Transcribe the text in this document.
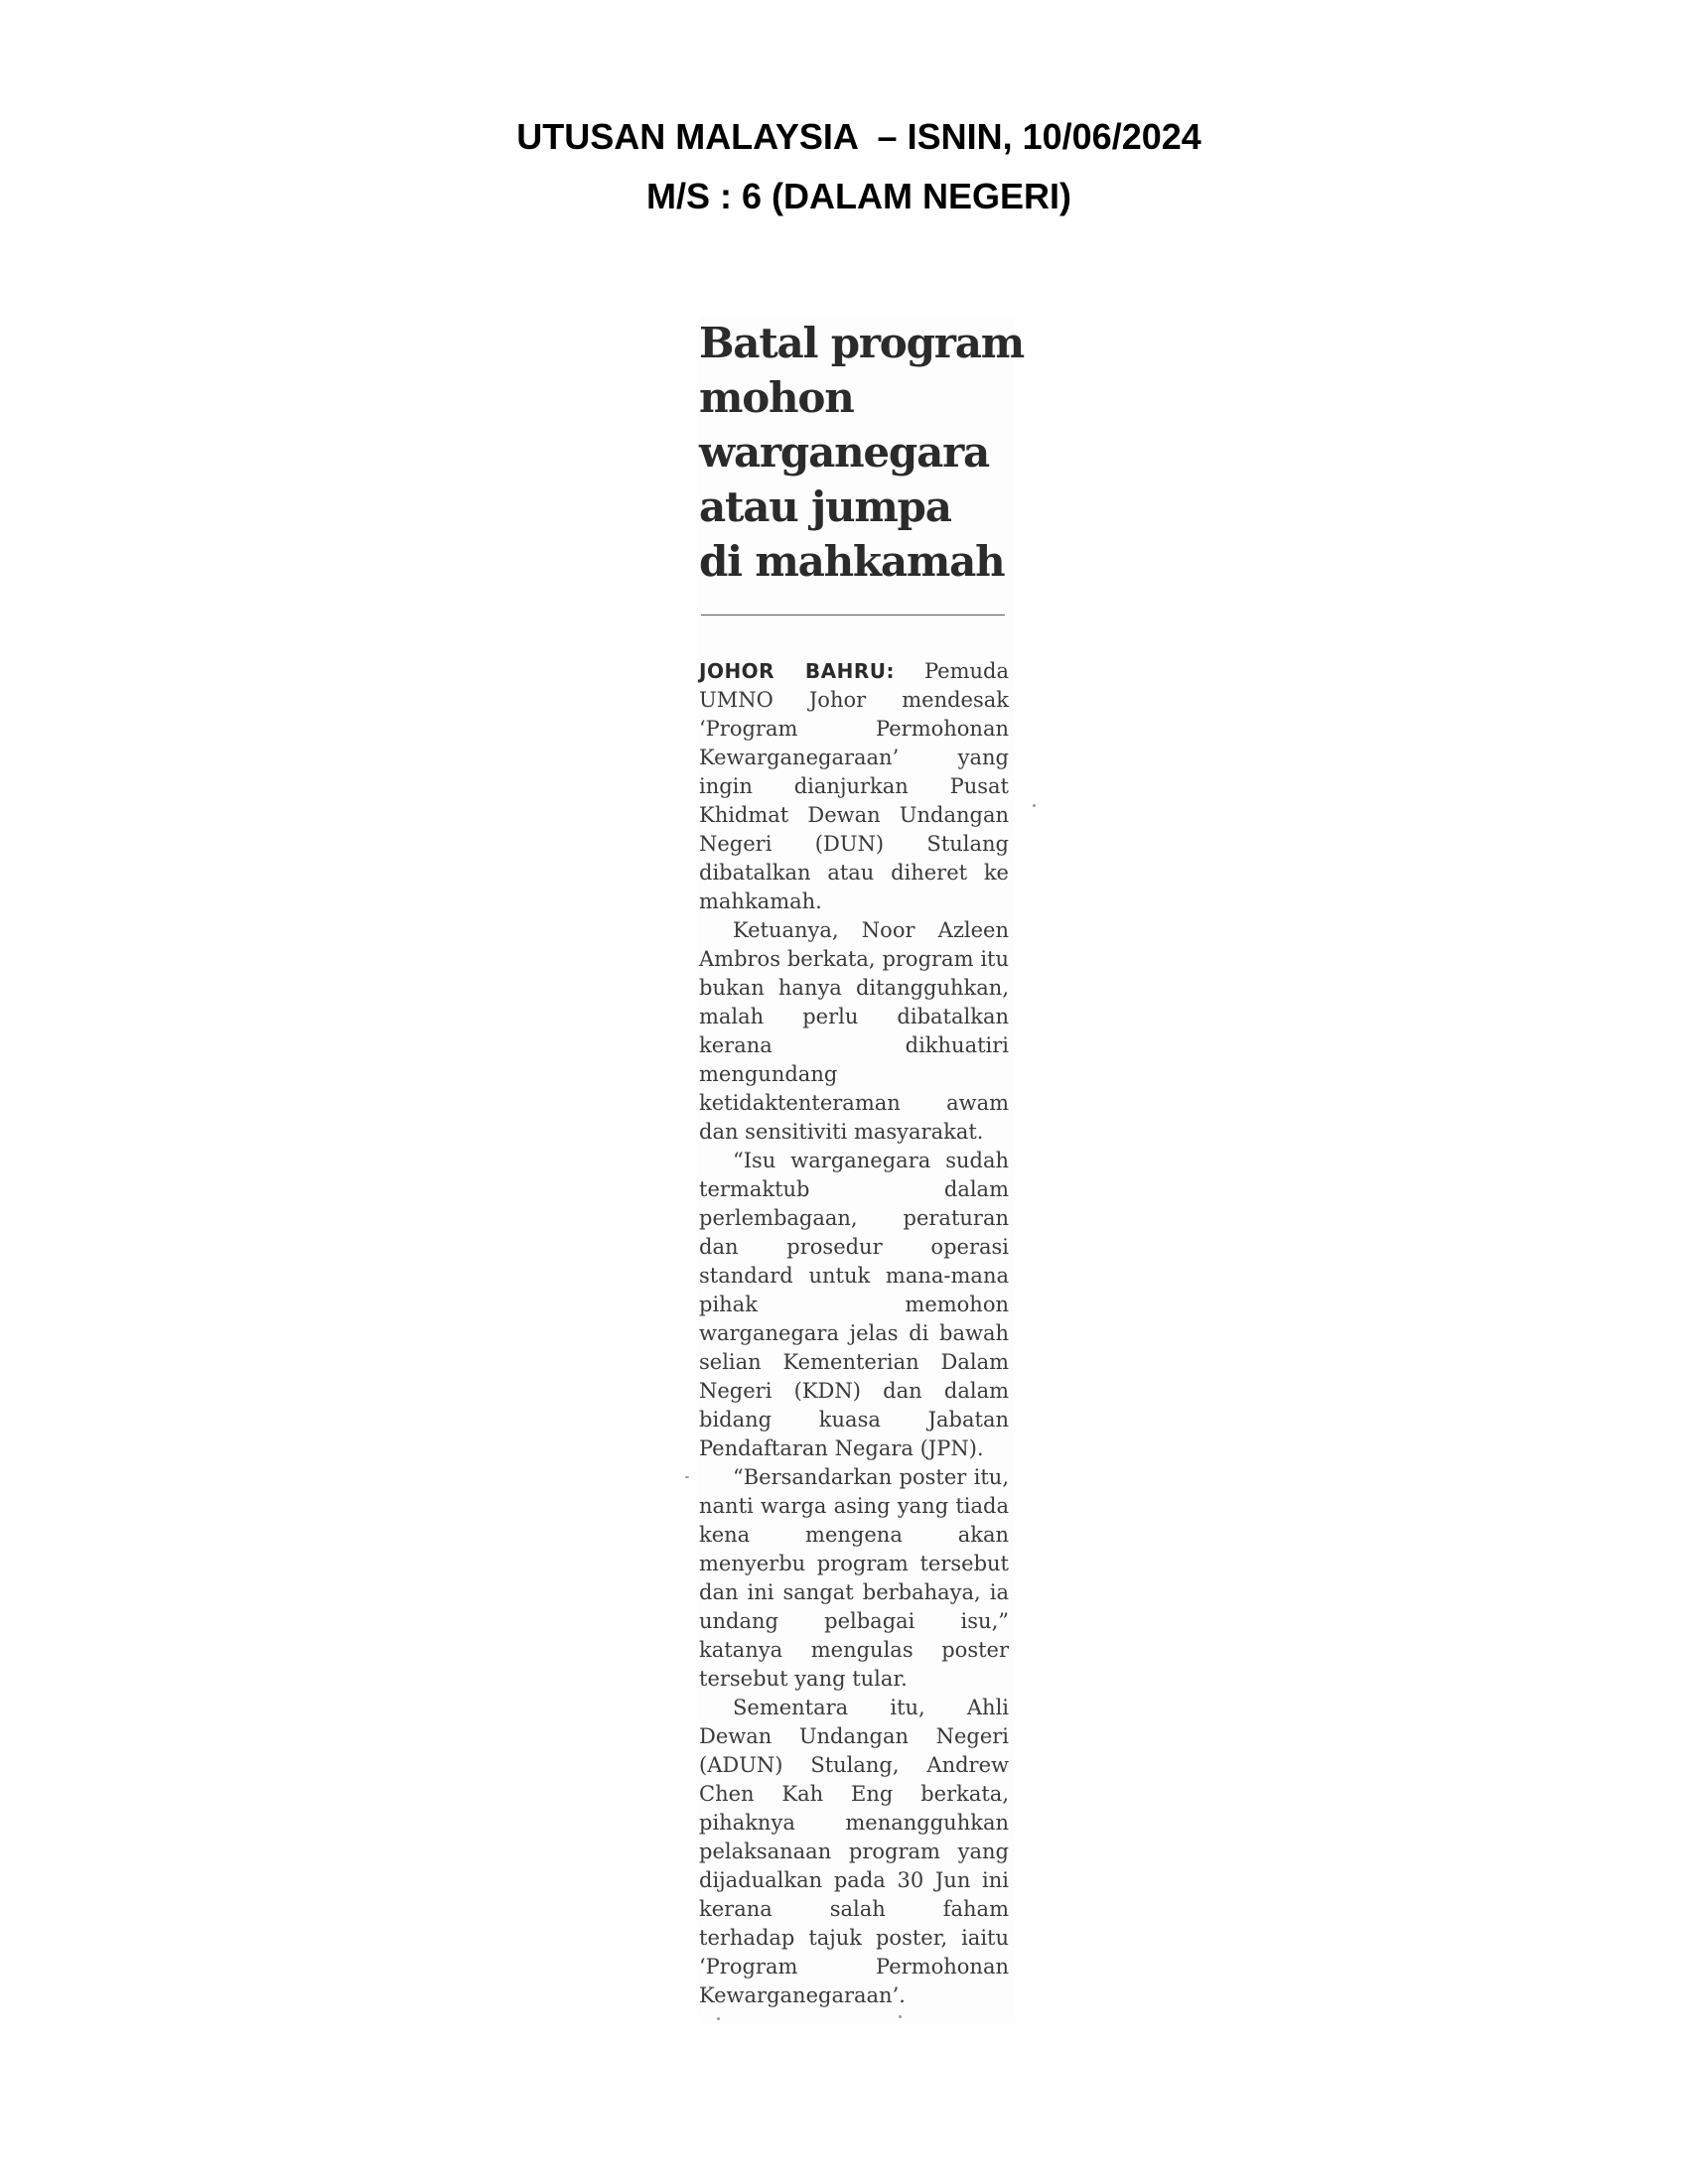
UTUSAN MALAYSIA  – ISNIN, 10/06/2024
M/S : 6 (DALAM NEGERI)
Batal program
mohon
warganegara
atau jumpa
di mahkamah

JOHOR BAHRU: Pemuda UMNO Johor mendesak ‘Program Permohonan Kewarganegaraan’ yang ingin dianjurkan Pusat Khidmat Dewan Undangan Negeri (DUN) Stulang dibatalkan atau diheret ke mahkamah.

Ketuanya, Noor Azleen Ambros berkata, program itu bukan hanya ditangguhkan, malah perlu dibatalkan kerana dikhuatiri mengundang ketidaktenteraman awam dan sensitiviti masyarakat.

“Isu warganegara sudah termaktub dalam perlembagaan, peraturan dan prosedur operasi standard untuk mana-mana pihak memohon warganegara jelas di bawah selian Kementerian Dalam Negeri (KDN) dan dalam bidang kuasa Jabatan Pendaftaran Negara (JPN).

“Bersandarkan poster itu, nanti warga asing yang tiada kena mengena akan menyerbu program tersebut dan ini sangat berbahaya, ia undang pelbagai isu,” katanya mengulas poster tersebut yang tular.

Sementara itu, Ahli Dewan Undangan Negeri (ADUN) Stulang, Andrew Chen Kah Eng berkata, pihaknya menangguhkan pelaksanaan program yang dijadualkan pada 30 Jun ini kerana salah faham terhadap tajuk poster, iaitu ‘Program Permohonan Kewarganegaraan’.
